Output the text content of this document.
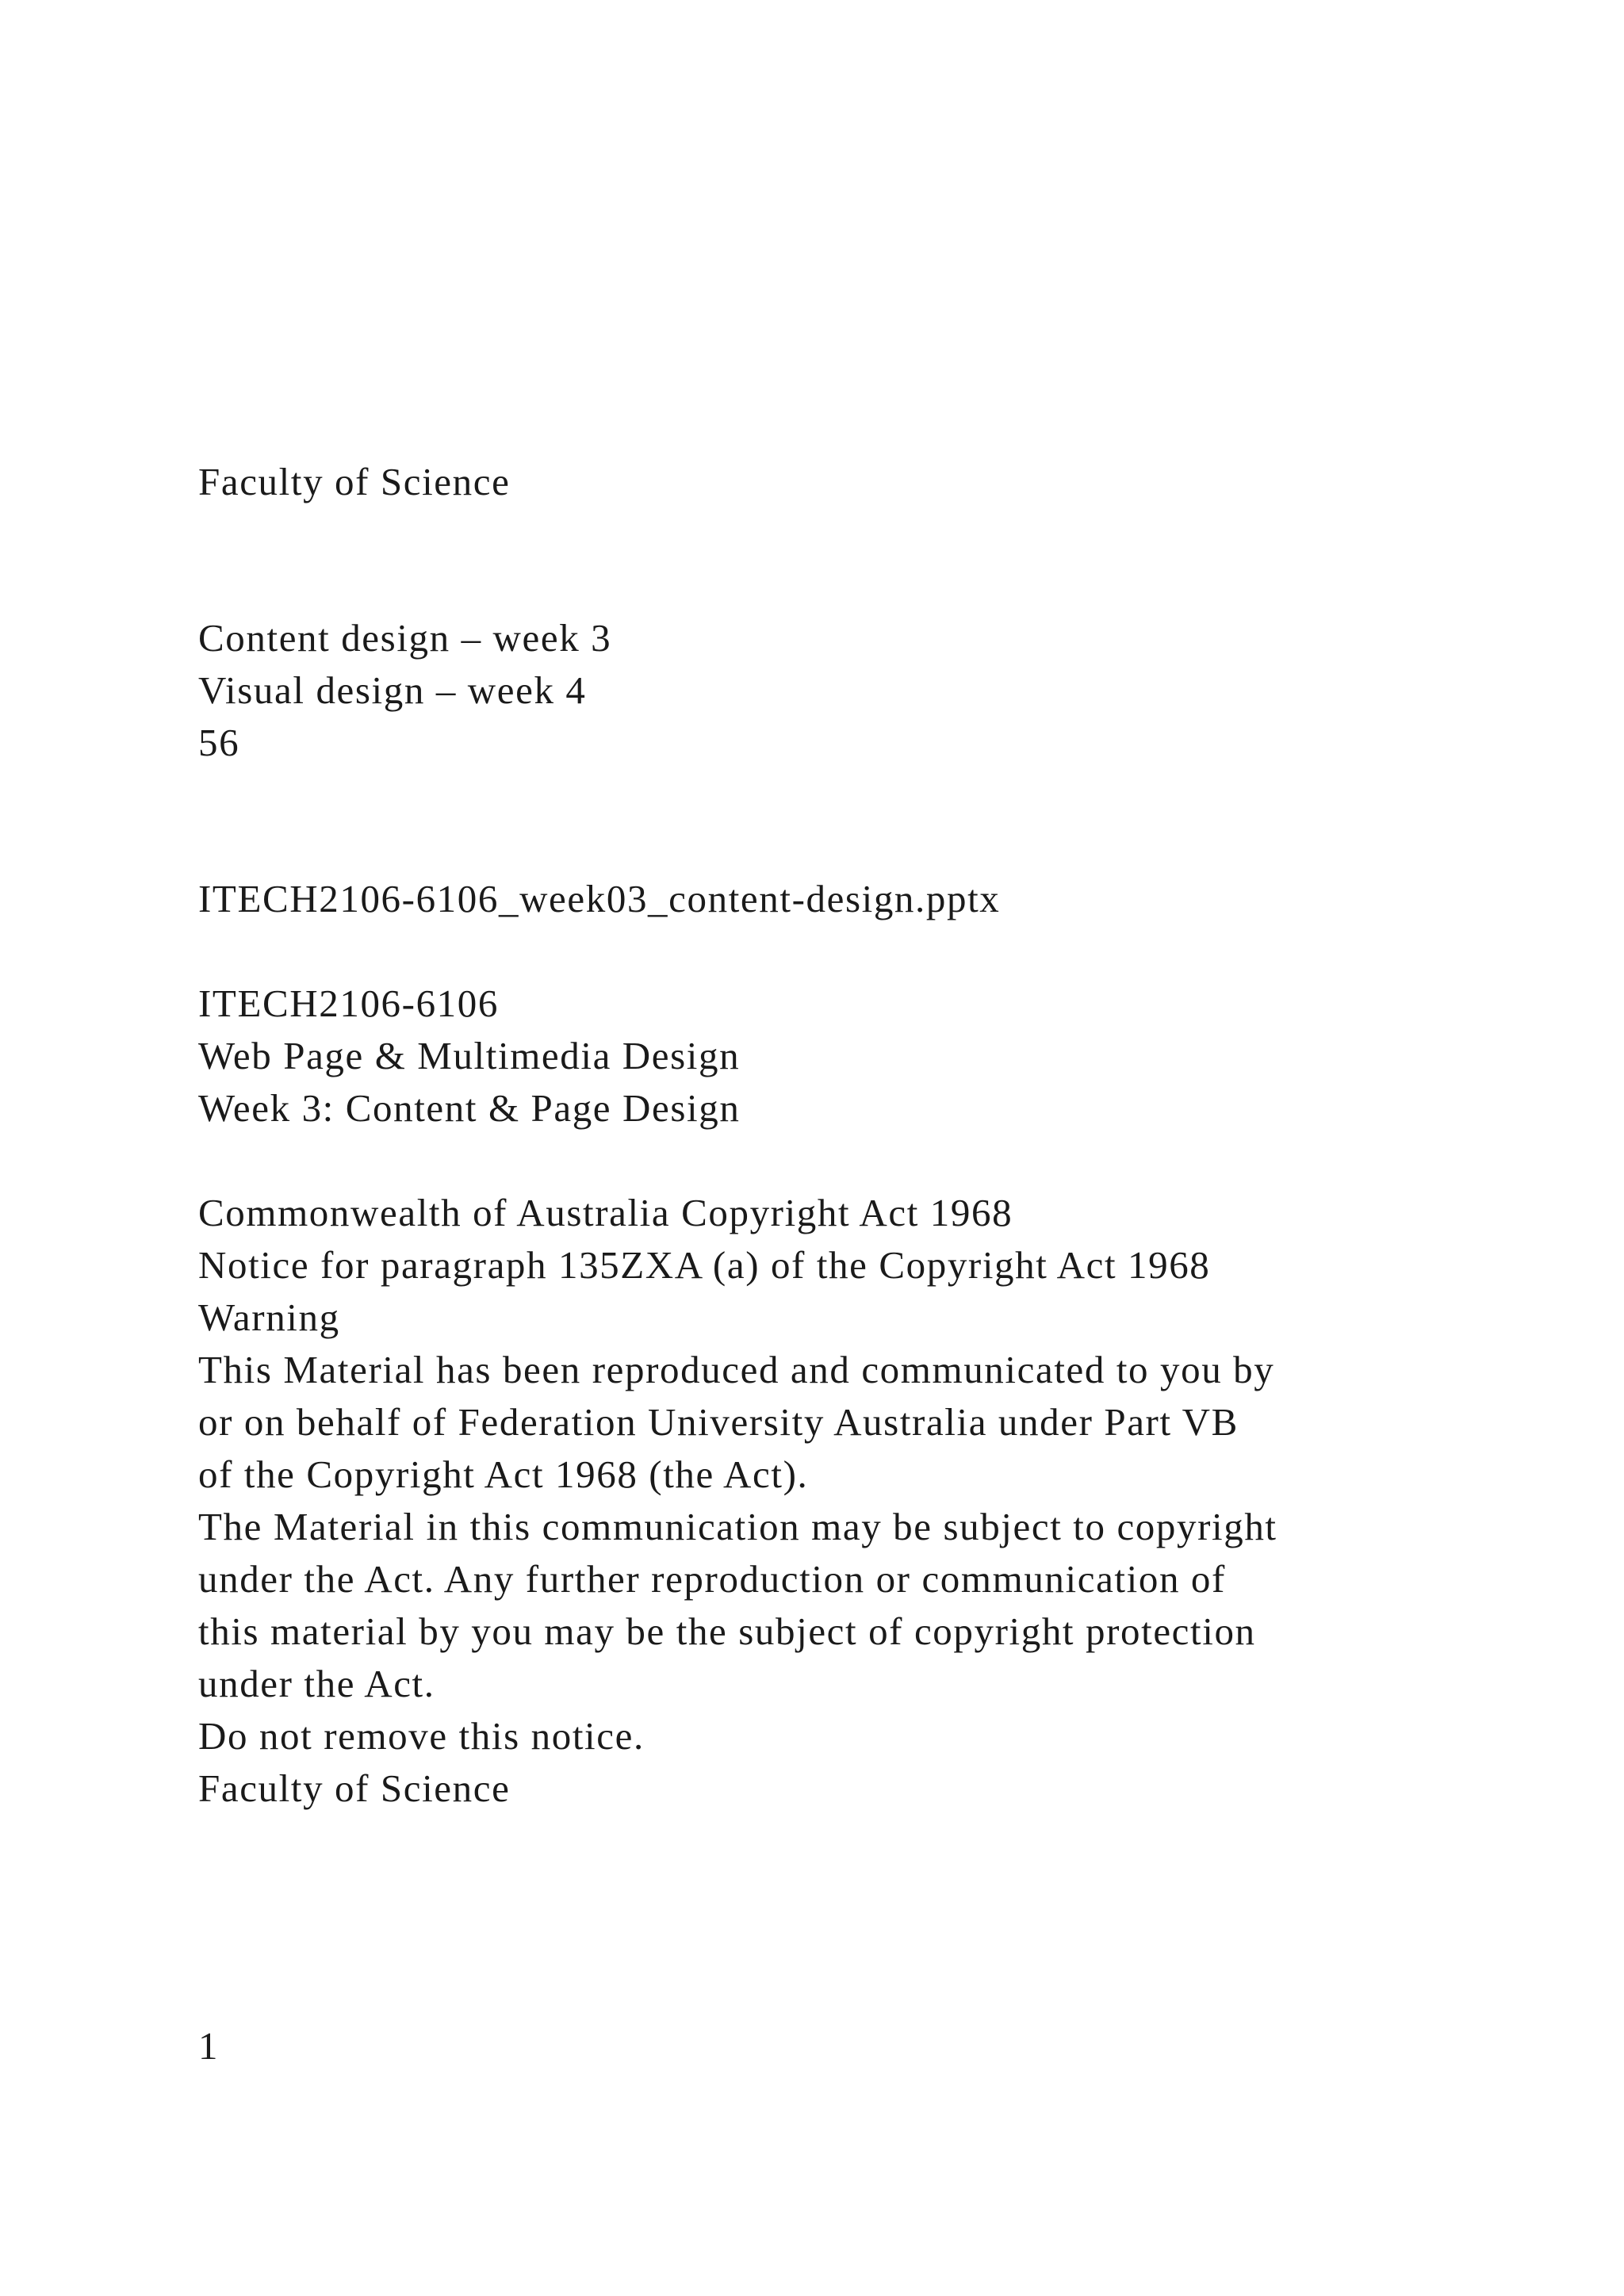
Faculty of Science

Content design – week 3

Visual design – week 4

56

ITECH2106-6106_week03_content-design.pptx

ITECH2106-6106

Web Page & Multimedia Design

Week 3: Content & Page Design

Commonwealth of Australia Copyright Act 1968

Notice for paragraph 135ZXA (a) of the Copyright Act 1968

Warning

This Material has been reproduced and communicated to you by

or on behalf of Federation University Australia under Part VB

of the Copyright Act 1968 (the Act).

The Material in this communication may be subject to copyright

under the Act. Any further reproduction or communication of

this material by you may be the subject of copyright protection

under the Act.

Do not remove this notice.

Faculty of Science

1
